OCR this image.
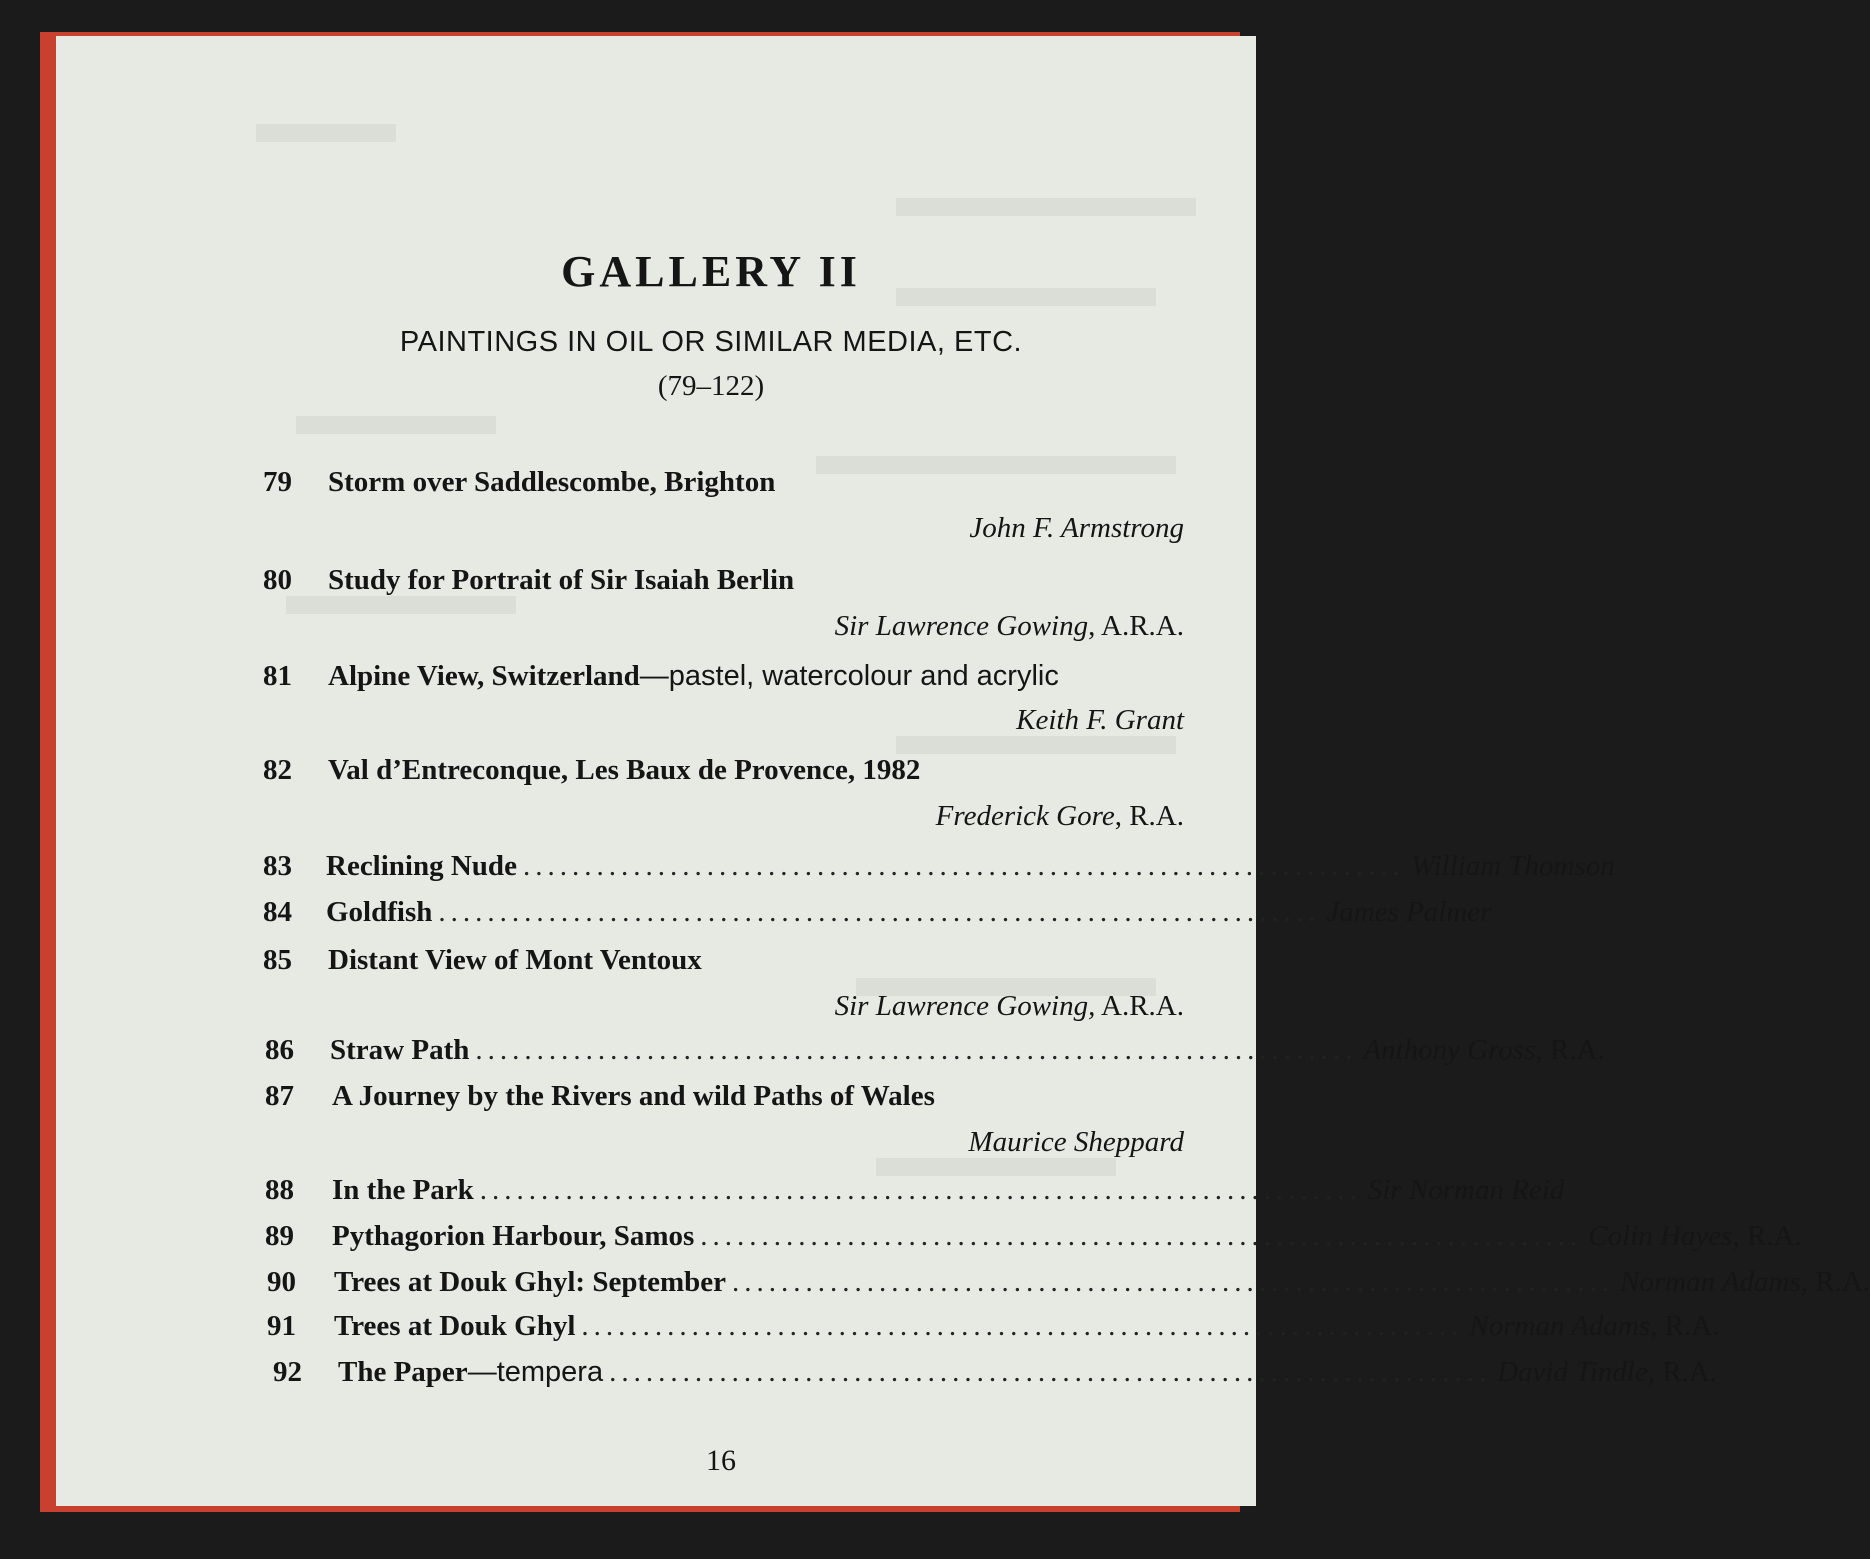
GALLERY II
PAINTINGS IN OIL OR SIMILAR MEDIA, ETC.
(79–122)
79 Storm over Saddlescombe, Brighton
John F. Armstrong
80 Study for Portrait of Sir Isaiah Berlin
Sir Lawrence Gowing, A.R.A.
81 Alpine View, Switzerland—pastel, watercolour and acrylic
Keith F. Grant
82 Val d’Entreconque, Les Baux de Provence, 1982
Frederick Gore, R.A.
83 Reclining Nude ........................................................................ William Thomson
84 Goldfish ........................................................................ James Palmer
85 Distant View of Mont Ventoux
Sir Lawrence Gowing, A.R.A.
86 Straw Path ........................................................................ Anthony Gross, R.A.
87 A Journey by the Rivers and wild Paths of Wales
Maurice Sheppard
88 In the Park ........................................................................ Sir Norman Reid
89 Pythagorion Harbour, Samos ........................................................................ Colin Hayes, R.A.
90 Trees at Douk Ghyl: September ........................................................................ Norman Adams, R.A.
91 Trees at Douk Ghyl ........................................................................ Norman Adams, R.A.
92 The Paper—tempera ........................................................................ David Tindle, R.A.
16
